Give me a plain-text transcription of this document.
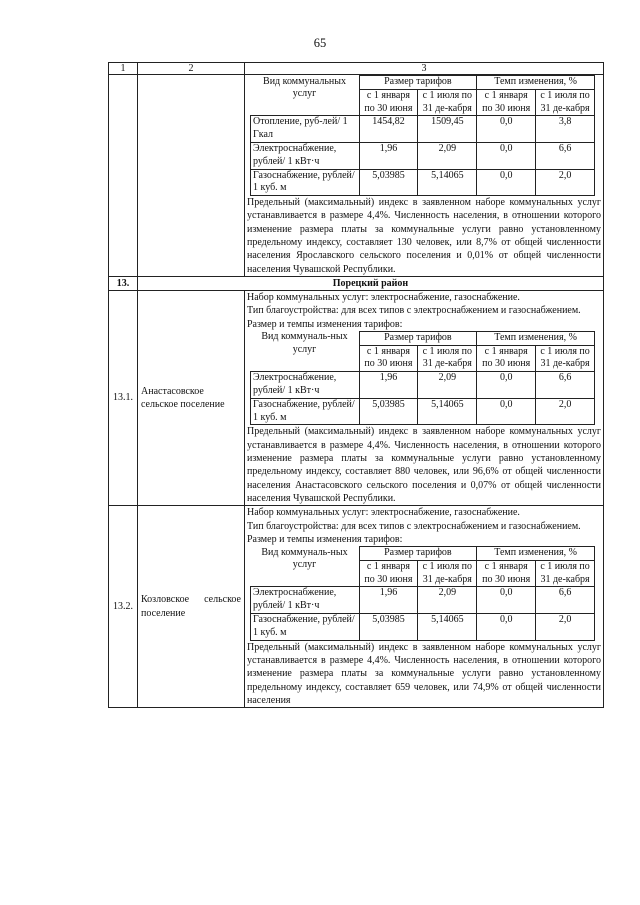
65
1	2	3

Вид коммунальных услуг	Размер тарифов	Темп изменения, %
с 1 января по 30 июня	с 1 июля по 31 де-кабря	с 1 января по 30 июня	с 1 июля по 31 де-кабря
Отопление, руб-лей/ 1 Гкал	1454,82	1509,45	0,0	3,8
Электроснабжение, рублей/ 1 кВт·ч	1,96	2,09	0,0	6,6
Газоснабжение, рублей/ 1 куб. м	5,03985	5,14065	0,0	2,0

Предельный (максимальный) индекс в заявленном наборе коммунальных услуг устанавливается в размере 4,4%. Численность населения, в отношении которого изменение размера платы за коммунальные услуги равно установленному предельному индексу, составляет 130 человек, или 8,7% от общей численности населения Ярославского сельского поселения и 0,01% от общей численности населения Чувашской Республики.

13.	Порецкий район
13.1.	Анастасовское сельское поселение	

Набор коммунальных услуг: электроснабжение, газоснабжение.

Тип благоустройства: для всех типов с электроснабжением и газоснабжением.

Размер и темпы изменения тарифов:

Вид коммуналь-ных услуг	Размер тарифов	Темп изменения, %
с 1 января по 30 июня	с 1 июля по 31 де-кабря	с 1 января по 30 июня	с 1 июля по 31 де-кабря
Электроснабжение, рублей/ 1 кВт·ч	1,96	2,09	0,0	6,6
Газоснабжение, рублей/ 1 куб. м	5,03985	5,14065	0,0	2,0

Предельный (максимальный) индекс в заявленном наборе коммунальных услуг устанавливается в размере 4,4%. Численность населения, в отношении которого изменение размера платы за коммунальные услуги равно установленному предельному индексу, составляет 880 человек, или 96,6% от общей численности населения Анастасовского сельского поселения и 0,07% от общей численности населения Чувашской Республики.

13.2.	Козловское сельское поселение	

Набор коммунальных услуг: электроснабжение, газоснабжение.

Тип благоустройства: для всех типов с электроснабжением и газоснабжением.

Размер и темпы изменения тарифов:

Вид коммуналь-ных услуг	Размер тарифов	Темп изменения, %
с 1 января по 30 июня	с 1 июля по 31 де-кабря	с 1 января по 30 июня	с 1 июля по 31 де-кабря
Электроснабжение, рублей/ 1 кВт·ч	1,96	2,09	0,0	6,6
Газоснабжение, рублей/ 1 куб. м	5,03985	5,14065	0,0	2,0

Предельный (максимальный) индекс в заявленном наборе коммунальных услуг устанавливается в размере 4,4%. Численность населения, в отношении которого изменение размера платы за коммунальные услуги равно установленному предельному индексу, составляет 659 человек, или 74,9% от общей численности населения
